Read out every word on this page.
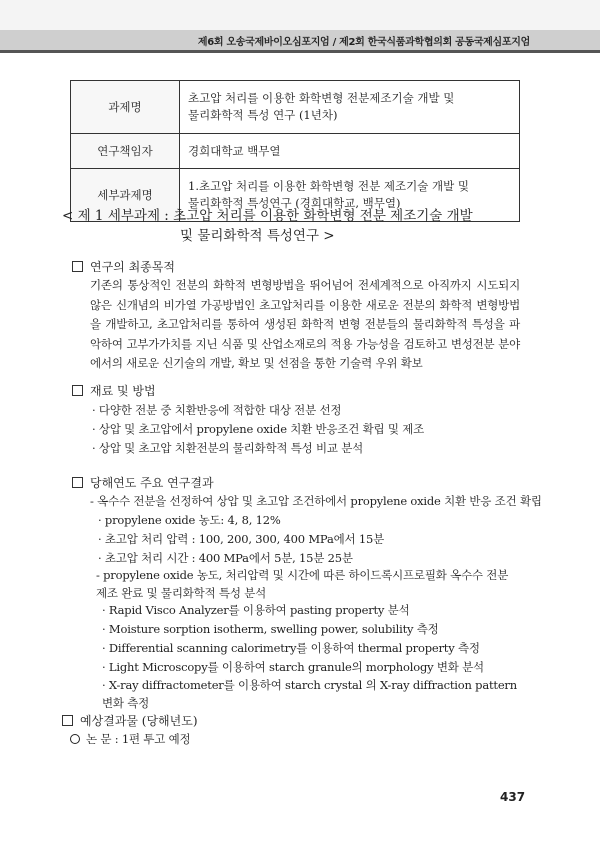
제6회 오송국제바이오심포지엄 / 제2회 한국식품과학협의회 공동국제심포지엄
과제명	초고압 처리를 이용한 화학변형 전분제조기술 개발 및
물리화학적 특성 연구 (1년차)

연구책임자	경희대학교 백무열

세부과제명	1.초고압 처리를 이용한 화학변형 전분 제조기술 개발 및
물리화학적 특성연구 (경희대학교, 백무열)
< 제 1 세부과제 : 초고압 처리를 이용한 화학변형 전분 제조기술 개발
및 물리화학적 특성연구 >
연구의 최종목적
기존의 통상적인 전분의 화학적 변형방법을 뛰어넘어 전세계적으로 아직까지 시도되지 않은 신개념의 비가열 가공방법인 초고압처리를 이용한 새로운 전분의 화학적 변형방법을 개발하고, 초고압처리를 통하여 생성된 화학적 변형 전분들의 물리화학적 특성을 파악하여 고부가가치를 지닌 식품 및 산업소재로의 적용 가능성을 검토하고 변성전분 분야에서의 새로운 신기술의 개발, 확보 및 선점을 통한 기술력 우위 확보
재료 및 방법
· 다양한 전분 중 치환반응에 적합한 대상 전분 선정
· 상압 및 초고압에서 propylene oxide 치환 반응조건 확립 및 제조
· 상압 및 초고압 치환전분의 물리화학적 특성 비교 분석
당해연도 주요 연구결과
- 옥수수 전분을 선정하여 상압 및 초고압 조건하에서 propylene oxide 치환 반응 조건 확립
· propylene oxide 농도: 4, 8, 12%
· 초고압 처리 압력 : 100, 200, 300, 400 MPa에서 15분
· 초고압 처리 시간 : 400 MPa에서 5분, 15분 25분
- propylene oxide 농도, 처리압력 및 시간에 따른 하이드록시프로필화 옥수수 전분 제조 완료 및 물리화학적 특성 분석
· Rapid Visco Analyzer를 이용하여 pasting property 분석
· Moisture sorption isotherm, swelling power, solubility 측정
· Differential scanning calorimetry를 이용하여 thermal property 측정
· Light Microscopy를 이용하여 starch granule의 morphology 변화 분석
· X-ray diffractometer를 이용하여 starch crystal 의 X-ray diffraction pattern 변화 측정
예상결과물 (당해년도)
논 문 : 1편 투고 예정
437
